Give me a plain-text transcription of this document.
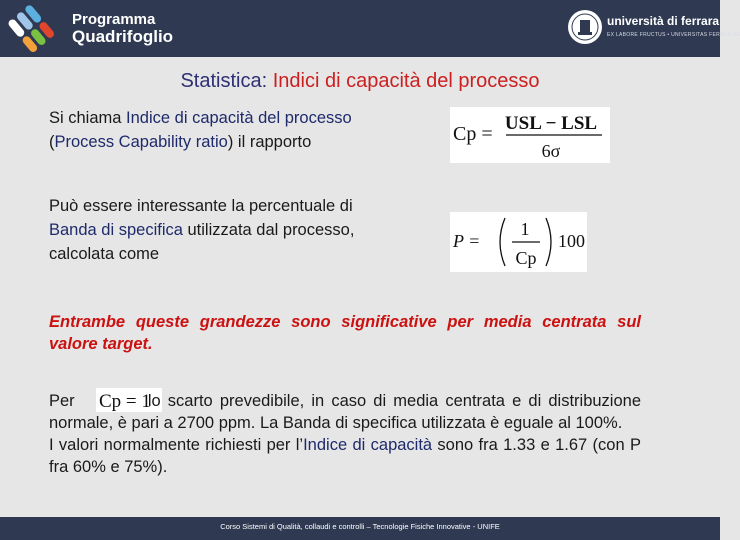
Programma
Quadrifoglio
università di ferrara
EX LABORE FRUCTUS • UNIVERSITAS FERRARIAE
Statistica: Indici di capacità del processo
Si chiama Indice di capacità del processo
(Process Capability ratio) il rapporto	Cp = USL − LSL
6σ
Può essere interessante la percentuale di
Banda di specifica utilizzata dal processo,
calcolata come
P =
1
Cp
100
Entrambe queste grandezze sono significative per media centrata sul valore target.
Cp = 1
Per	lo scarto prevedibile, in caso di media centrata e di distribuzione normale, è pari a 2700 ppm. La Banda di specifica utilizzata è eguale al 100%.
I valori normalmente richiesti per l’Indice di capacità sono fra 1.33 e 1.67 (con P fra 60% e 75%).
Corso Sistemi di Qualità, collaudi e controlli – Tecnologie Fisiche Innovative - UNIFE
